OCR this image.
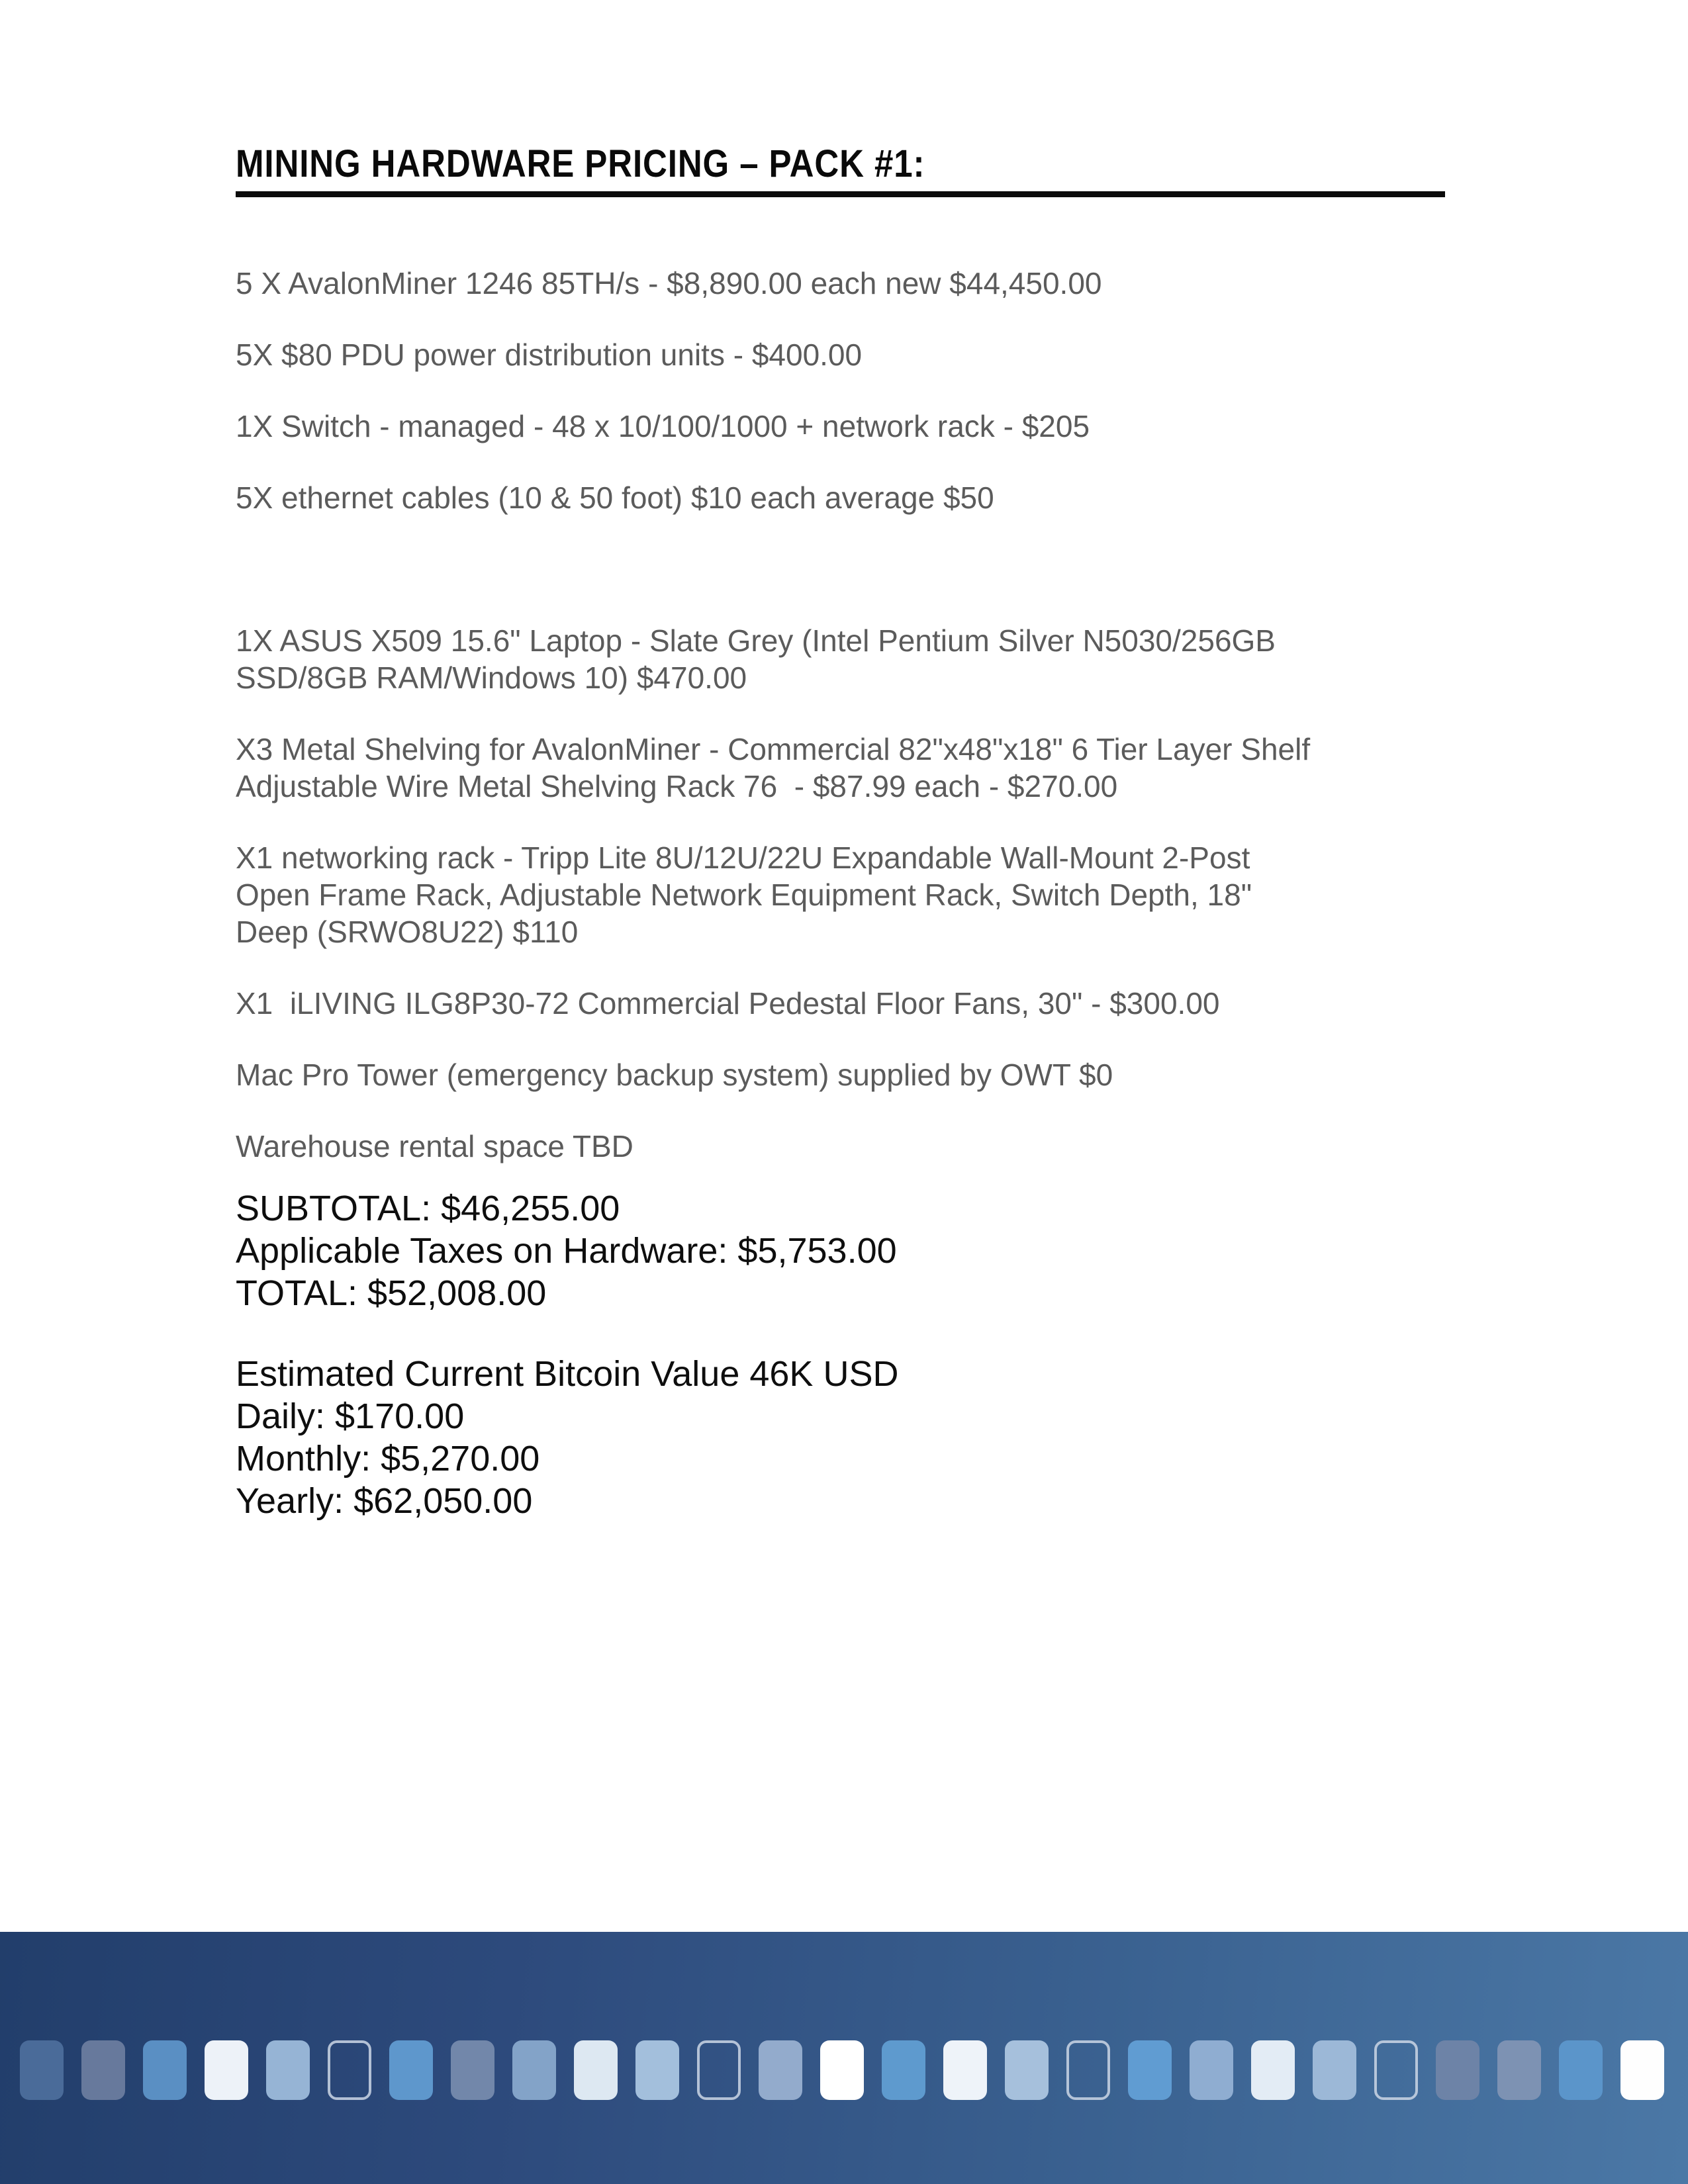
MINING HARDWARE PRICING – PACK #1:
5 X AvalonMiner 1246 85TH/s - $8,890.00 each new $44,450.00
5X $80 PDU power distribution units - $400.00
1X Switch - managed - 48 x 10/100/1000 + network rack - $205
5X ethernet cables (10 & 50 foot) $10 each average $50
1X ASUS X509 15.6" Laptop - Slate Grey (Intel Pentium Silver N5030/256GB
SSD/8GB RAM/Windows 10) $470.00
X3 Metal Shelving for AvalonMiner - Commercial 82"x48"x18" 6 Tier Layer Shelf
Adjustable Wire Metal Shelving Rack 76  - $87.99 each - $270.00
X1 networking rack - Tripp Lite 8U/12U/22U Expandable Wall-Mount 2-Post
Open Frame Rack, Adjustable Network Equipment Rack, Switch Depth, 18"
Deep (SRWO8U22) $110
X1  iLIVING ILG8P30-72 Commercial Pedestal Floor Fans, 30" - $300.00
Mac Pro Tower (emergency backup system) supplied by OWT $0
Warehouse rental space TBD
SUBTOTAL: $46,255.00
Applicable Taxes on Hardware: $5,753.00
TOTAL: $52,008.00
Estimated Current Bitcoin Value 46K USD
Daily: $170.00
Monthly: $5,270.00
Yearly: $62,050.00
